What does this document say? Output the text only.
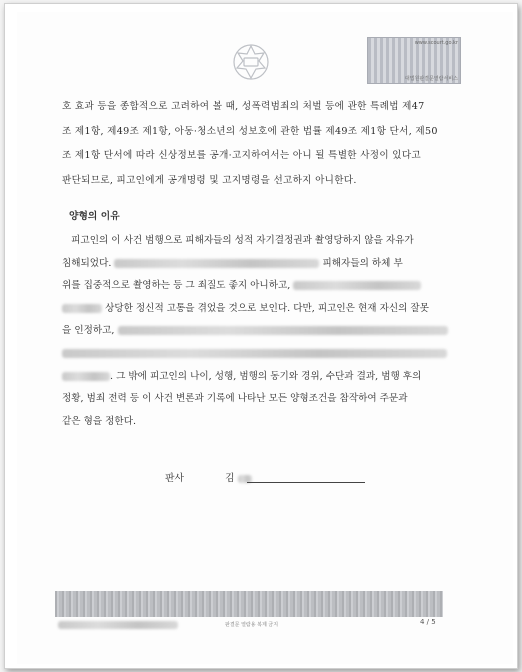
www.scourt.go.kr
대법원판결문열람서비스
호 효과 등을 종합적으로 고려하여 볼 때, 성폭력범죄의 처벌 등에 관한 특례법 제47
조 제1항, 제49조 제1항, 아동·청소년의 성보호에 관한 법률 제49조 제1항 단서, 제50
조 제1항 단서에 따라 신상정보를 공개·고지하여서는 아니 될 특별한 사정이 있다고
판단되므로, 피고인에게 공개명령 및 고지명령을 선고하지 아니한다.
양형의 이유
피고인의 이 사건 범행으로 피해자들의 성적 자기결정권과 촬영당하지 않을 자유가
침해되었다.	피해자들의 하체 부
위를 집중적으로 촬영하는 등 그 죄질도 좋지 아니하고,
상당한 정신적 고통을 겪었을 것으로 보인다. 다만, 피고인은 현재 자신의 잘못
을 인정하고,
. 그 밖에 피고인의 나이, 성행, 범행의 동기와 경위, 수단과 결과, 범행 후의
정황, 범죄 전력 등 이 사건 변론과 기록에 나타난 모든 양형조건을 참작하여 주문과
같은 형을 정한다.
판사	김
판결문 열람용 복제 금지	4 / 5
